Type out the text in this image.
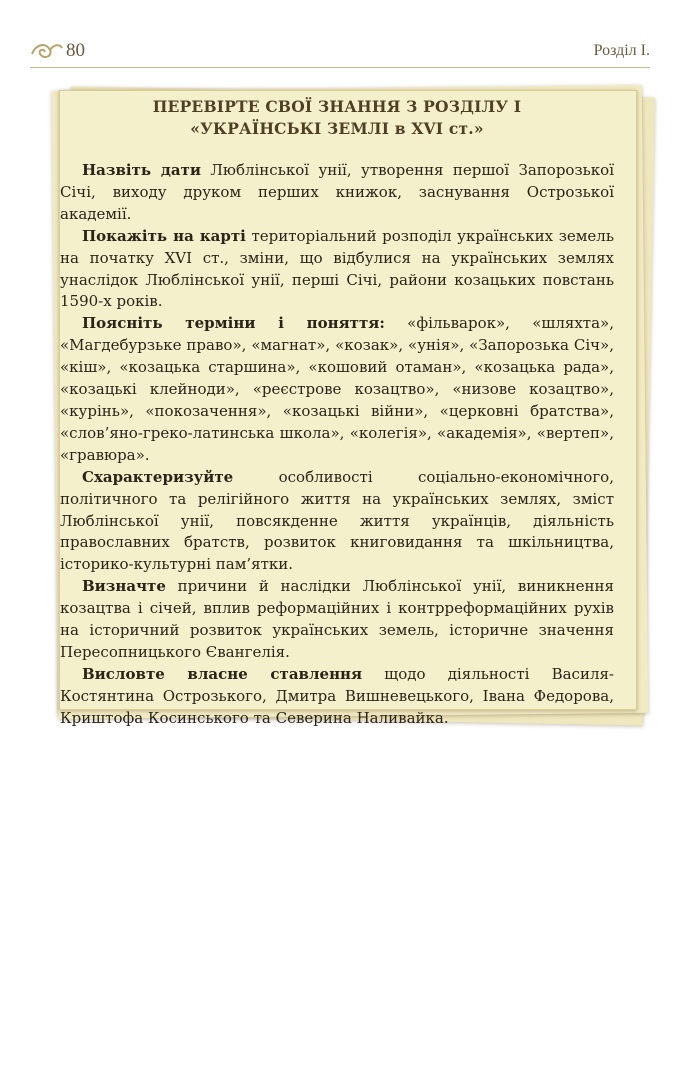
80	Розділ I.
ПЕРЕВІРТЕ СВОЇ ЗНАННЯ З РОЗДІЛУ I
«УКРАЇНСЬКІ ЗЕМЛІ в XVI ст.»

Назвіть дати Люблінської унії, утворення першої Запорозької Січі, виходу друком перших книжок, заснування Острозької академії.

Покажіть на карті територіальний розподіл українських земель на початку XVI ст., зміни, що відбулися на українських землях унаслідок Люблінської унії, перші Січі, райони козацьких повстань 1590-х років.

Поясніть терміни і поняття: «фільварок», «шляхта», «Магдебурзьке право», «магнат», «козак», «унія», «Запорозька Січ», «кіш», «козацька старшина», «кошовий отаман», «козацька рада», «козацькі клейноди», «реєстрове козацтво», «низове козацтво», «курінь», «покозачення», «козацькі війни», «церковні братства», «слов’яно-греко-латинська школа», «колегія», «академія», «вертеп», «гравюра».

Схарактеризуйте особливості соціально-економічного, політичного та релігійного життя на українських землях, зміст Люблінської унії, повсякденне життя українців, діяльність православних братств, розвиток книговидання та шкільництва, історико-культурні пам’ятки.

Визначте причини й наслідки Люблінської унії, виникнення козацтва і січей, вплив реформаційних і контрреформаційних рухів на історичний розвиток українських земель, історичне значення Пересопницького Євангелія.

Висловте власне ставлення щодо діяльності Василя-Костянтина Острозького, Дмитра Вишневецького, Івана Федорова, Криштофа Косинського та Северина Наливайка.
